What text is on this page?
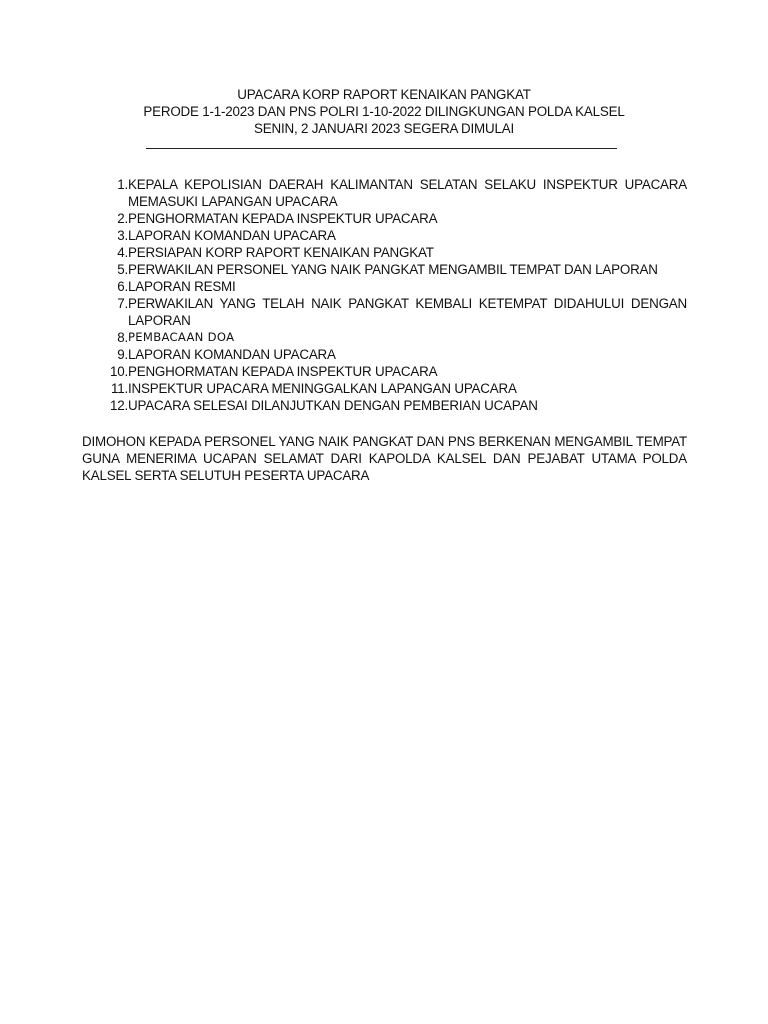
UPACARA KORP RAPORT KENAIKAN PANGKAT
PERODE 1-1-2023 DAN PNS POLRI 1-10-2022 DILINGKUNGAN POLDA KALSEL
SENIN, 2 JANUARI 2023 SEGERA DIMULAI
1. KEPALA KEPOLISIAN DAERAH KALIMANTAN SELATAN SELAKU INSPEKTUR UPACARA MEMASUKI LAPANGAN UPACARA
2. PENGHORMATAN KEPADA INSPEKTUR UPACARA
3. LAPORAN KOMANDAN UPACARA
4. PERSIAPAN KORP RAPORT KENAIKAN PANGKAT
5. PERWAKILAN PERSONEL YANG NAIK PANGKAT MENGAMBIL TEMPAT DAN LAPORAN
6. LAPORAN RESMI
7. PERWAKILAN YANG TELAH NAIK PANGKAT KEMBALI KETEMPAT DIDAHULUI DENGAN LAPORAN
8. PEMBACAAN DOA
9. LAPORAN KOMANDAN UPACARA
10. PENGHORMATAN KEPADA INSPEKTUR UPACARA
11. INSPEKTUR UPACARA MENINGGALKAN LAPANGAN UPACARA
12. UPACARA SELESAI DILANJUTKAN DENGAN PEMBERIAN UCAPAN
DIMOHON KEPADA PERSONEL YANG NAIK PANGKAT DAN PNS BERKENAN MENGAMBIL TEMPAT GUNA MENERIMA UCAPAN SELAMAT DARI KAPOLDA KALSEL DAN PEJABAT UTAMA POLDA KALSEL SERTA SELUTUH PESERTA UPACARA
